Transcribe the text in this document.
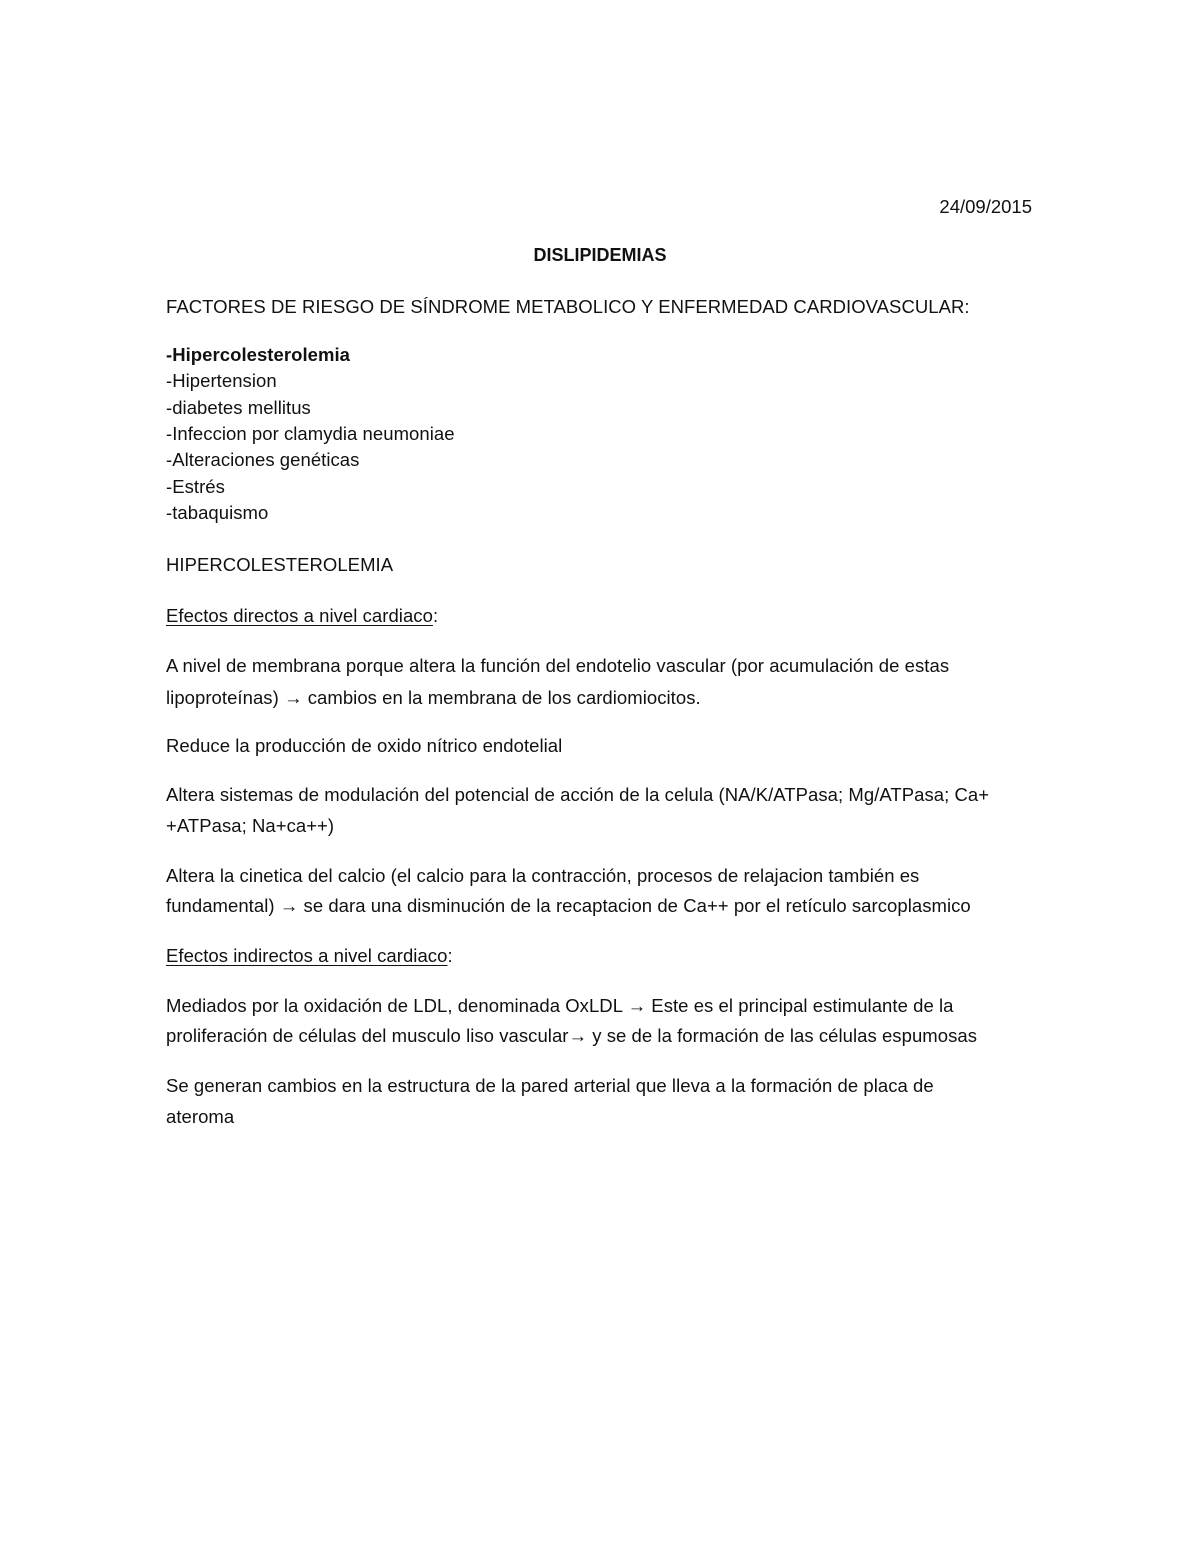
24/09/2015
DISLIPIDEMIAS
FACTORES DE RIESGO DE SÍNDROME METABOLICO Y ENFERMEDAD CARDIOVASCULAR:
-Hipercolesterolemia
-Hipertension
-diabetes mellitus
-Infeccion por clamydia neumoniae
-Alteraciones genéticas
-Estrés
-tabaquismo
HIPERCOLESTEROLEMIA
Efectos directos a nivel cardiaco:
A nivel de membrana porque altera la función del endotelio vascular (por acumulación de estas
lipoproteínas) → cambios en la membrana de los cardiomiocitos.
Reduce la producción de oxido nítrico endotelial
Altera sistemas de modulación del potencial de acción de la celula (NA/K/ATPasa; Mg/ATPasa; Ca+
+ATPasa; Na+ca++)
Altera la cinetica del calcio (el calcio para la contracción, procesos de relajacion también es
fundamental) → se dara una disminución de la recaptacion de Ca++ por el retículo sarcoplasmico
Efectos indirectos a nivel cardiaco:
Mediados por la oxidación de LDL, denominada OxLDL → Este es el principal estimulante de la
proliferación de células del musculo liso vascular→ y se de la formación de las células espumosas
Se generan cambios en la estructura de la pared arterial que lleva a la formación de placa de
ateroma
